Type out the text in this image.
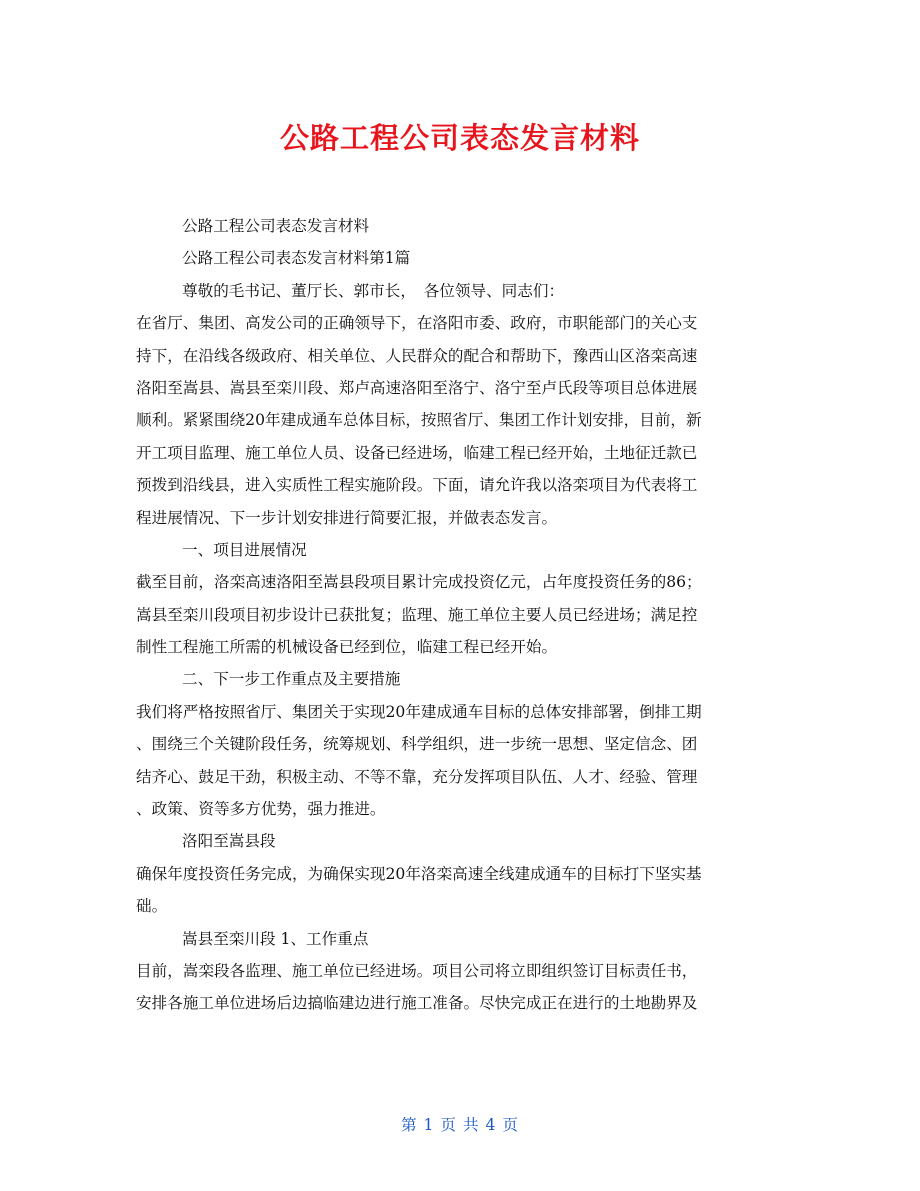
公路工程公司表态发言材料
公路工程公司表态发言材料
公路工程公司表态发言材料第1篇
尊敬的毛书记、董厅长、郭市长，　各位领导、同志们：
在省厅、集团、高发公司的正确领导下，在洛阳市委、政府，市职能部门的关心支
持下，在沿线各级政府、相关单位、人民群众的配合和帮助下，豫西山区洛栾高速
洛阳至嵩县、嵩县至栾川段、郑卢高速洛阳至洛宁、洛宁至卢氏段等项目总体进展
顺利。紧紧围绕20年建成通车总体目标，按照省厅、集团工作计划安排，目前，新
开工项目监理、施工单位人员、设备已经进场，临建工程已经开始，土地征迁款已
预拨到沿线县，进入实质性工程实施阶段。下面，请允许我以洛栾项目为代表将工
程进展情况、下一步计划安排进行简要汇报，并做表态发言。
一、项目进展情况
截至目前，洛栾高速洛阳至嵩县段项目累计完成投资亿元，占年度投资任务的86；
嵩县至栾川段项目初步设计已获批复；监理、施工单位主要人员已经进场；满足控
制性工程施工所需的机械设备已经到位，临建工程已经开始。
二、下一步工作重点及主要措施
我们将严格按照省厅、集团关于实现20年建成通车目标的总体安排部署，倒排工期
、围绕三个关键阶段任务，统筹规划、科学组织，进一步统一思想、坚定信念、团
结齐心、鼓足干劲，积极主动、不等不靠，充分发挥项目队伍、人才、经验、管理
、政策、资等多方优势，强力推进。
洛阳至嵩县段
确保年度投资任务完成，为确保实现20年洛栾高速全线建成通车的目标打下坚实基
础。
嵩县至栾川段 1、工作重点
目前，嵩栾段各监理、施工单位已经进场。项目公司将立即组织签订目标责任书，
安排各施工单位进场后边搞临建边进行施工准备。尽快完成正在进行的土地勘界及
第 1 页 共 4 页
